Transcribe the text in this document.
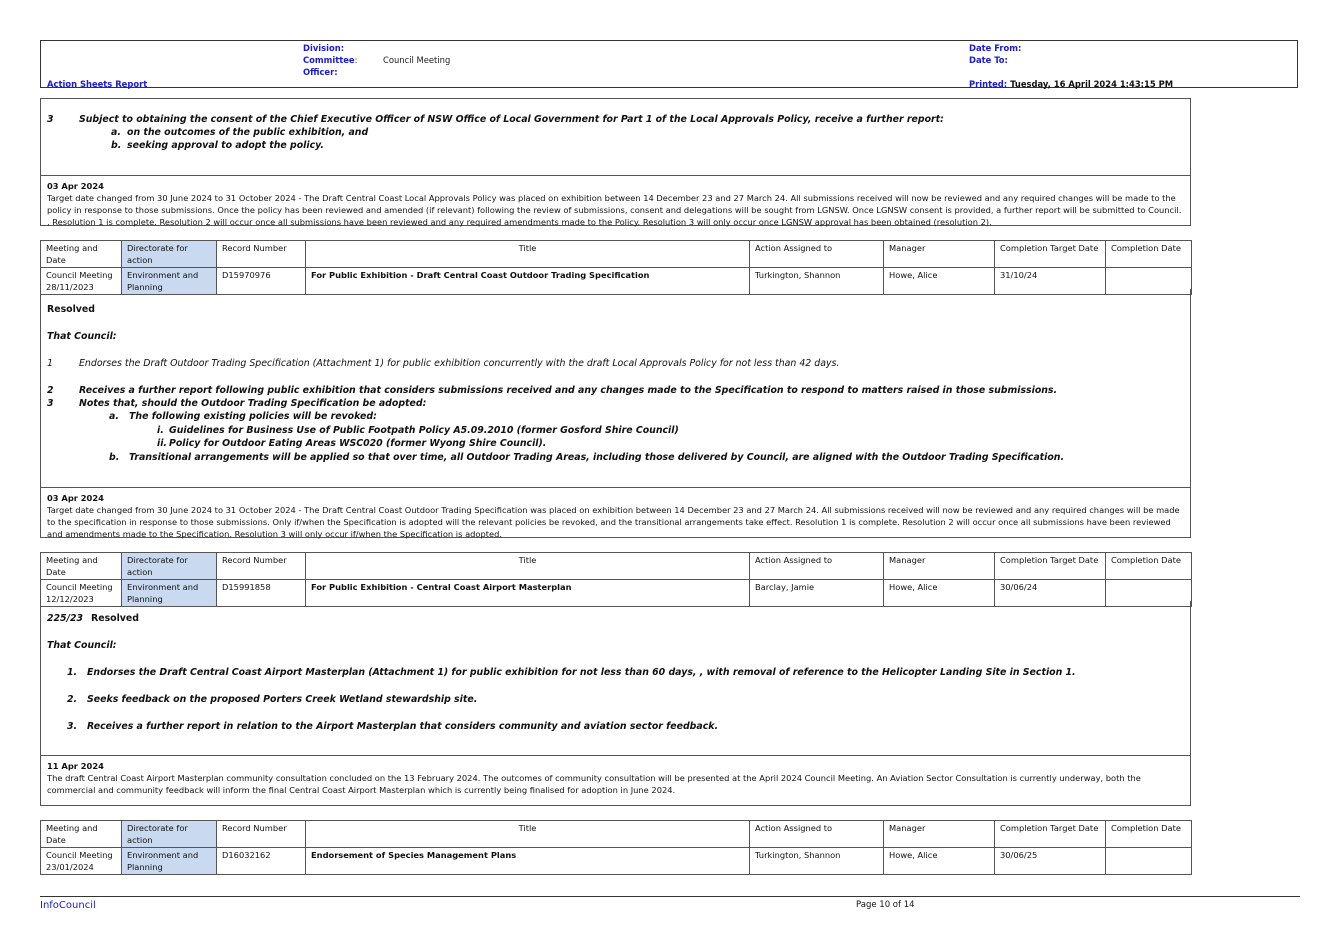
Division:
Committee:	Council Meeting
Officer:
Action Sheets Report
Date From:
Date To:
Printed: Tuesday, 16 April 2024 1:43:15 PM
3	Subject to obtaining the consent of the Chief Executive Officer of NSW Office of Local Government for Part 1 of the Local Approvals Policy, receive a further report:
a. on the outcomes of the public exhibition, and
b. seeking approval to adopt the policy.
03 Apr 2024
Target date changed from 30 June 2024 to 31 October 2024 - The Draft Central Coast Local Approvals Policy was placed on exhibition between 14 December 23 and 27 March 24. All submissions received will now be reviewed and any required changes will be made to the policy in response to those submissions. Once the policy has been reviewed and amended (if relevant) following the review of submissions, consent and delegations will be sought from LGNSW. Once LGNSW consent is provided, a further report will be submitted to Council. , Resolution 1 is complete. Resolution 2 will occur once all submissions have been reviewed and any required amendments made to the Policy. Resolution 3 will only occur once LGNSW approval has been obtained (resolution 2).
Meeting and Date	Directorate for action	Record Number	Title	Action Assigned to	Manager	Completion Target Date	Completion Date
Council Meeting 28/11/2023	Environment and Planning	D15970976	For Public Exhibition - Draft Central Coast Outdoor Trading Specification	Turkington, Shannon	Howe, Alice	31/10/24	
Resolved
That Council:
1	Endorses the Draft Outdoor Trading Specification (Attachment 1) for public exhibition concurrently with the draft Local Approvals Policy for not less than 42 days.
2	Receives a further report following public exhibition that considers submissions received and any changes made to the Specification to respond to matters raised in those submissions.
3	Notes that, should the Outdoor Trading Specification be adopted:
a. The following existing policies will be revoked:
i. Guidelines for Business Use of Public Footpath Policy A5.09.2010 (former Gosford Shire Council)
ii. Policy for Outdoor Eating Areas WSC020 (former Wyong Shire Council).
b. Transitional arrangements will be applied so that over time, all Outdoor Trading Areas, including those delivered by Council, are aligned with the Outdoor Trading Specification.
03 Apr 2024
Target date changed from 30 June 2024 to 31 October 2024 - The Draft Central Coast Outdoor Trading Specification was placed on exhibition between 14 December 23 and 27 March 24. All submissions received will now be reviewed and any required changes will be made to the specification in response to those submissions. Only if/when the Specification is adopted will the relevant policies be revoked, and the transitional arrangements take effect. Resolution 1 is complete. Resolution 2 will occur once all submissions have been reviewed and amendments made to the Specification. Resolution 3 will only occur if/when the Specification is adopted.
Meeting and Date	Directorate for action	Record Number	Title	Action Assigned to	Manager	Completion Target Date	Completion Date
Council Meeting 12/12/2023	Environment and Planning	D15991858	For Public Exhibition - Central Coast Airport Masterplan	Barclay, Jamie	Howe, Alice	30/06/24	
225/23 Resolved
That Council:
1. Endorses the Draft Central Coast Airport Masterplan (Attachment 1) for public exhibition for not less than 60 days, , with removal of reference to the Helicopter Landing Site in Section 1.
2. Seeks feedback on the proposed Porters Creek Wetland stewardship site.
3. Receives a further report in relation to the Airport Masterplan that considers community and aviation sector feedback.
11 Apr 2024
The draft Central Coast Airport Masterplan community consultation concluded on the 13 February 2024. The outcomes of community consultation will be presented at the April 2024 Council Meeting. An Aviation Sector Consultation is currently underway, both the commercial and community feedback will inform the final Central Coast Airport Masterplan which is currently being finalised for adoption in June 2024.
Meeting and Date	Directorate for action	Record Number	Title	Action Assigned to	Manager	Completion Target Date	Completion Date
Council Meeting 23/01/2024	Environment and Planning	D16032162	Endorsement of Species Management Plans	Turkington, Shannon	Howe, Alice	30/06/25	
InfoCouncil	Page 10 of 14
